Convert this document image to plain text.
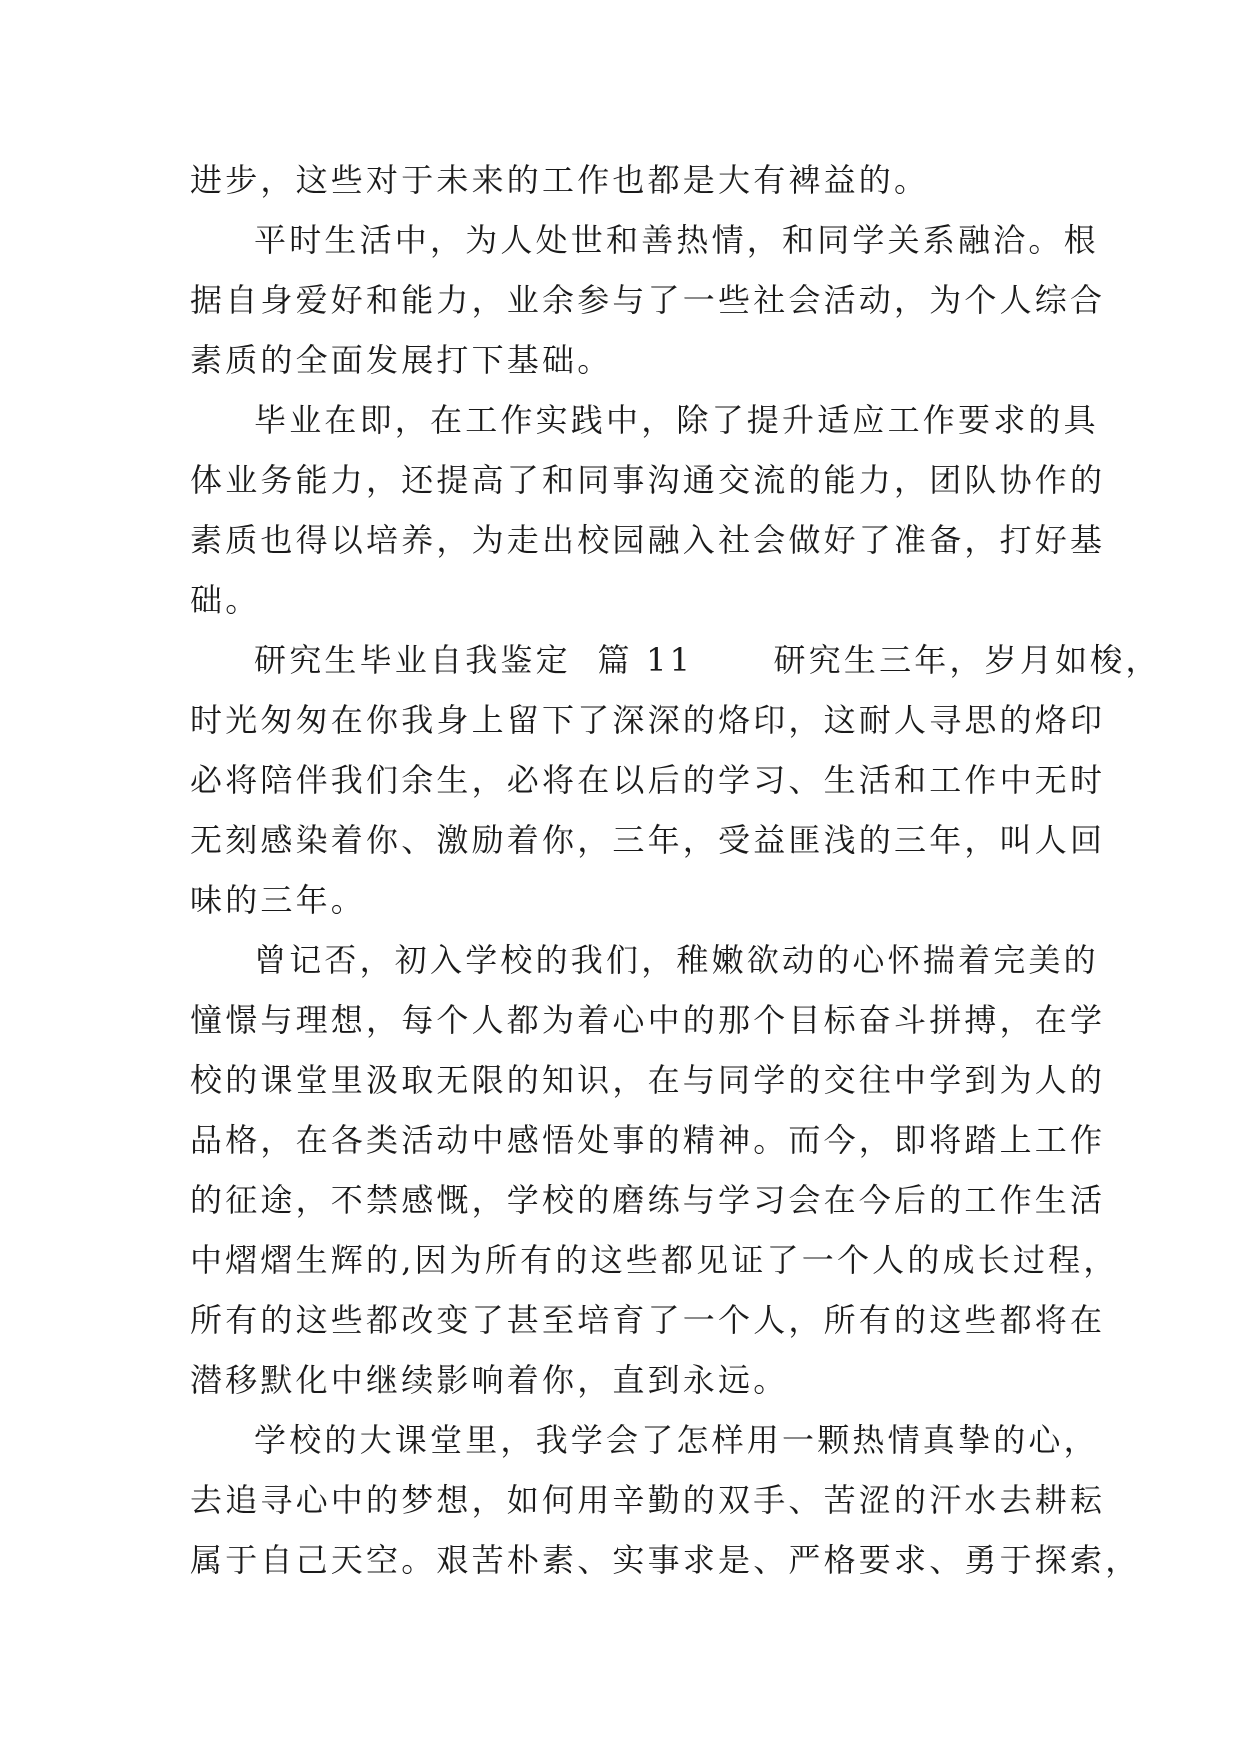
进步，这些对于未来的工作也都是大有裨益的。
平时生活中，为人处世和善热情，和同学关系融洽。根
据自身爱好和能力，业余参与了一些社会活动，为个人综合
素质的全面发展打下基础。
毕业在即，在工作实践中，除了提升适应工作要求的具
体业务能力，还提高了和同事沟通交流的能力，团队协作的
素质也得以培养，为走出校园融入社会做好了准备，打好基
础。
研究生毕业自我鉴定  篇 11      研究生三年，岁月如梭，
时光匆匆在你我身上留下了深深的烙印，这耐人寻思的烙印
必将陪伴我们余生，必将在以后的学习、生活和工作中无时
无刻感染着你、激励着你，三年，受益匪浅的三年，叫人回
味的三年。
曾记否，初入学校的我们，稚嫩欲动的心怀揣着完美的
憧憬与理想，每个人都为着心中的那个目标奋斗拼搏，在学
校的课堂里汲取无限的知识，在与同学的交往中学到为人的
品格，在各类活动中感悟处事的精神。而今，即将踏上工作
的征途，不禁感慨，学校的磨练与学习会在今后的工作生活
中熠熠生辉的,因为所有的这些都见证了一个人的成长过程，
所有的这些都改变了甚至培育了一个人，所有的这些都将在
潜移默化中继续影响着你，直到永远。
学校的大课堂里，我学会了怎样用一颗热情真挚的心，
去追寻心中的梦想，如何用辛勤的双手、苦涩的汗水去耕耘
属于自己天空。艰苦朴素、实事求是、严格要求、勇于探索，
